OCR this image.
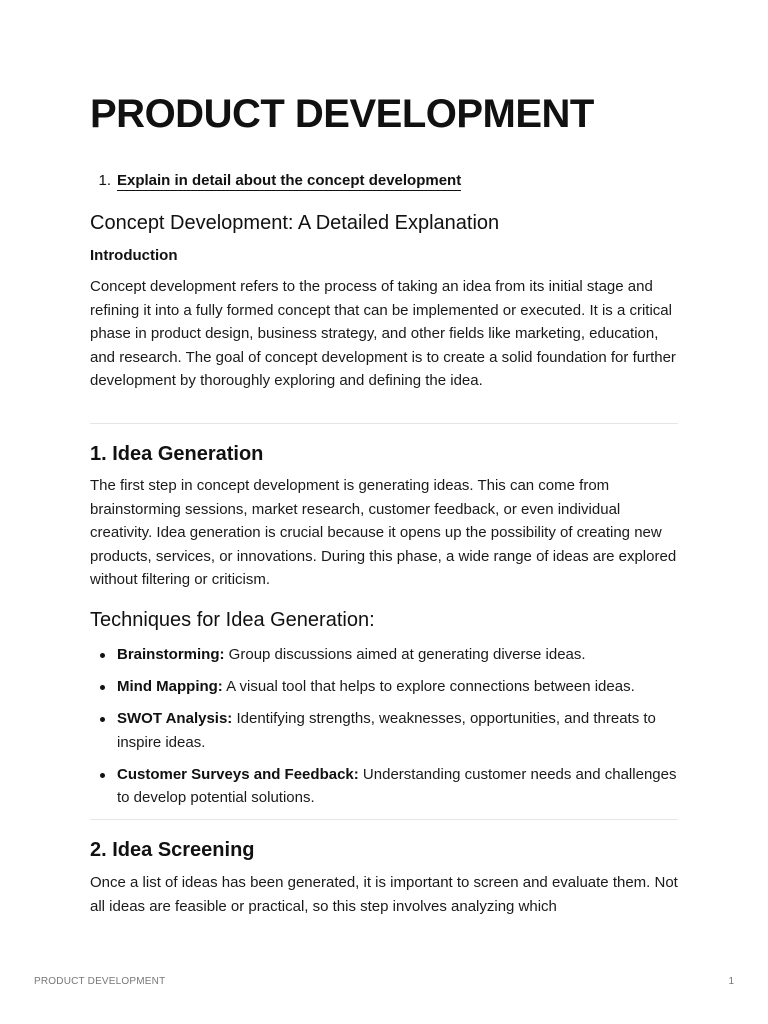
PRODUCT DEVELOPMENT
1. Explain in detail about the concept development
Concept Development: A Detailed Explanation
Introduction

Concept development refers to the process of taking an idea from its initial stage and refining it into a fully formed concept that can be implemented or executed. It is a critical phase in product design, business strategy, and other fields like marketing, education, and research. The goal of concept development is to create a solid foundation for further development by thoroughly exploring and defining the idea.

1. Idea Generation

The first step in concept development is generating ideas. This can come from brainstorming sessions, market research, customer feedback, or even individual creativity. Idea generation is crucial because it opens up the possibility of creating new products, services, or innovations. During this phase, a wide range of ideas are explored without filtering or criticism.

Techniques for Idea Generation:
Brainstorming: Group discussions aimed at generating diverse ideas.
Mind Mapping: A visual tool that helps to explore connections between ideas.
SWOT Analysis: Identifying strengths, weaknesses, opportunities, and threats to inspire ideas.
Customer Surveys and Feedback: Understanding customer needs and challenges to develop potential solutions.
2. Idea Screening

Once a list of ideas has been generated, it is important to screen and evaluate them. Not all ideas are feasible or practical, so this step involves analyzing which

PRODUCT DEVELOPMENT	1
